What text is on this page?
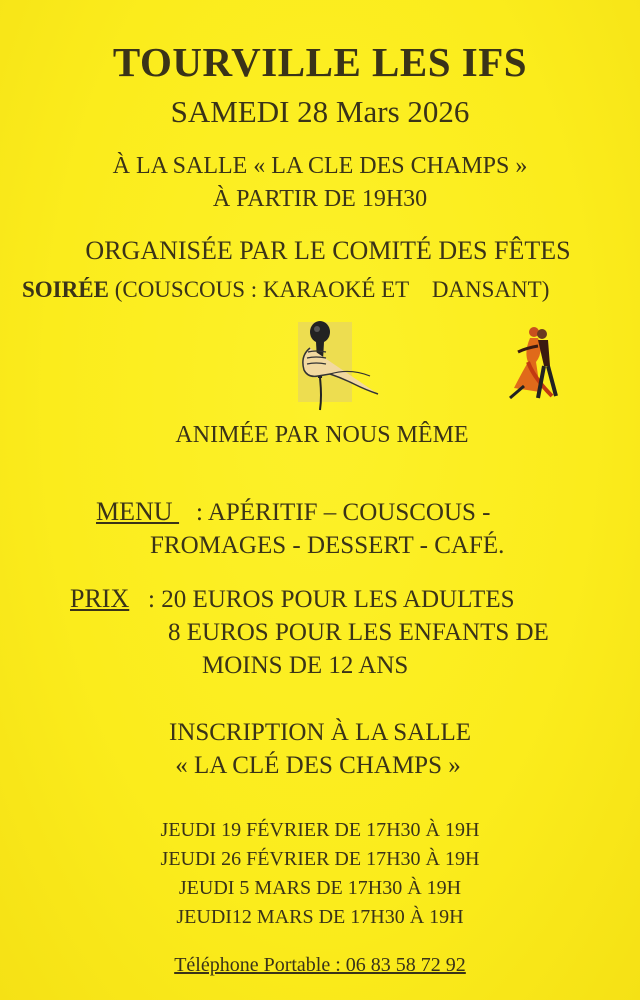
TOURVILLE LES IFS
SAMEDI 28 Mars 2026
À LA SALLE « LA CLE DES CHAMPS »
À PARTIR DE 19H30
ORGANISÉE PAR LE COMITÉ DES FÊTES
SOIRÉE (COUSCOUS : KARAOKÉ ET    DANSANT)
ANIMÉE PAR NOUS MÊME
MENU : APÉRITIF – COUSCOUS -
FROMAGES - DESSERT - CAFÉ.
PRIX : 20 EUROS POUR LES ADULTES
8 EUROS POUR LES ENFANTS DE
MOINS DE 12 ANS
INSCRIPTION À LA SALLE
« LA CLÉ DES CHAMPS »
JEUDI 19 FÉVRIER DE 17H30 À 19H
JEUDI 26 FÉVRIER DE 17H30 À 19H
JEUDI 5 MARS DE 17H30 À 19H
JEUDI12 MARS DE 17H30 À 19H
Téléphone Portable : 06 83 58 72 92
